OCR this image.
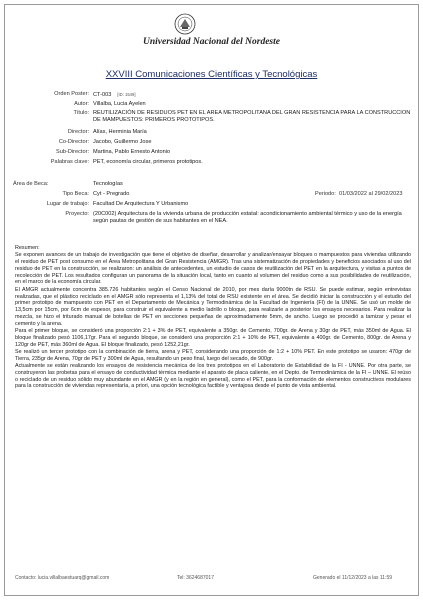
Universidad Nacional del Nordeste
XXVIII Comunicaciones Científicas y Tecnológicas
Orden Poster: CT-003 [ID: 1549]
Autor: Villalba, Lucia Ayelen
Título: REUTILIZACIÓN DE RESIDUOS PET EN EL AREA METROPOLITANA DEL GRAN RESISTENCIA PARA LA CONSTRUCCION DE MAMPUESTOS: PRIMEROS PROTOTIPOS.
Director: Alías, Herminia María
Co-Director: Jacobo, Guillermo Jose
Sub-Director: Martina, Pablo Ernesto Antonio
Palabras clave: PET, economía circular, primeros prototipos.
Área de Beca:	Tecnologías
Tipo Beca: Cyt - Pregrado	Periodo: 01/03/2022 al 29/02/2023
Lugar de trabajo: Facultad De Arquitectura Y Urbanismo
Proyecto: (20C002) Arquitectura de la vivienda urbana de producción estatal: acondicionamiento ambiental térmico y uso de la energía según pautas de gestión de sus habitantes en el NEA.

Resumen:

Se exponen avances de un trabajo de investigación que tiene el objetivo de diseñar, desarrollar y analizar/ensayar bloques o mampuestos para viviendas utilizando el residuo de PET post consumo en el Área Metropolitana del Gran Resistencia (AMGR). Tras una sistematización de propiedades y beneficios asociados al uso del residuo de PET en la construcción, se realizaron: un análisis de antecedentes, un estudio de casos de reutilización del PET en la arquitectura, y visitas a puntos de recolección de PET. Los resultados configuran un panorama de la situación local, tanto en cuanto al volumen del residuo como a sus posibilidades de reutilización, en el marco de la economía circular.

El AMGR actualmente concentra 385.726 habitantes según el Censo Nacional de 2010, por mes daría 9000tn de RSU. Se puede estimar, según entrevistas realizadas, que el plástico reciclado en el AMGR sólo representa el 1,13% del total de RSU existente en el área. Se decidió iniciar la construcción y el estudio del primer prototipo de mampuesto con PET en el Departamento de Mecánica y Termodinámica de la Facultad de Ingeniería (FI) de la UNNE. Se usó un molde de 13,5cm por 15cm, por 6cm de espesor, para construir el equivalente a medio ladrillo o bloque, para realizarle a posterior los ensayos necesarios. Para realizar la mezcla, se hizo el triturado manual de botellas de PET en secciones pequeñas de aproximadamente 5mm, de ancho. Luego se procedió a tamizar y pesar el cemento y la arena.

Para el primer bloque, se consideró una proporción 2:1 + 3% de PET, equivalente a 350gr. de Cemento, 700gr. de Arena y 30gr de PET, más 350ml de Agua. El bloque finalizado pesó 1106,17gr. Para el segundo bloque, se consideró una proporción 2:1 + 10% de PET, equivalente a 400gr. de Cemento, 800gr. de Arena y 120gr de PET, más 360ml de Agua. El bloque finalizado, pesó 1252,21gr.

Se realizó un tercer prototipo con la combinación de tierra, arena y PET, considerando una proporción de 1:2 + 10% PET. En este prototipo se usaron: 470gr de Tierra, 235gr de Arena, 70gr de PET y 300ml de Agua, resultando un peso final, luego del secado, de 900gr.

Actualmente se están realizando los ensayos de resistencia mecánica de los tres prototipos en el Laboratorio de Estabilidad de la FI - UNNE. Por otra parte, se construyeron las probetas para el ensayo de conductividad térmica mediante el aparato de placa caliente, en el Depto. de Termodinámica de la FI – UNNE. El reúso o reciclado de un residuo sólido muy abundante en el AMGR (y en la región en general), como el PET, para la conformación de elementos constructivos modulares para la construcción de viviendas representaría, a priori, una opción tecnológica factible y ventajosa desde el punto de vista ambiental.

Contacto: lucia.villalbaestuarq@gmail.com	Tel: 3624687017	Generado el 11/12/2023 a las 11:59
